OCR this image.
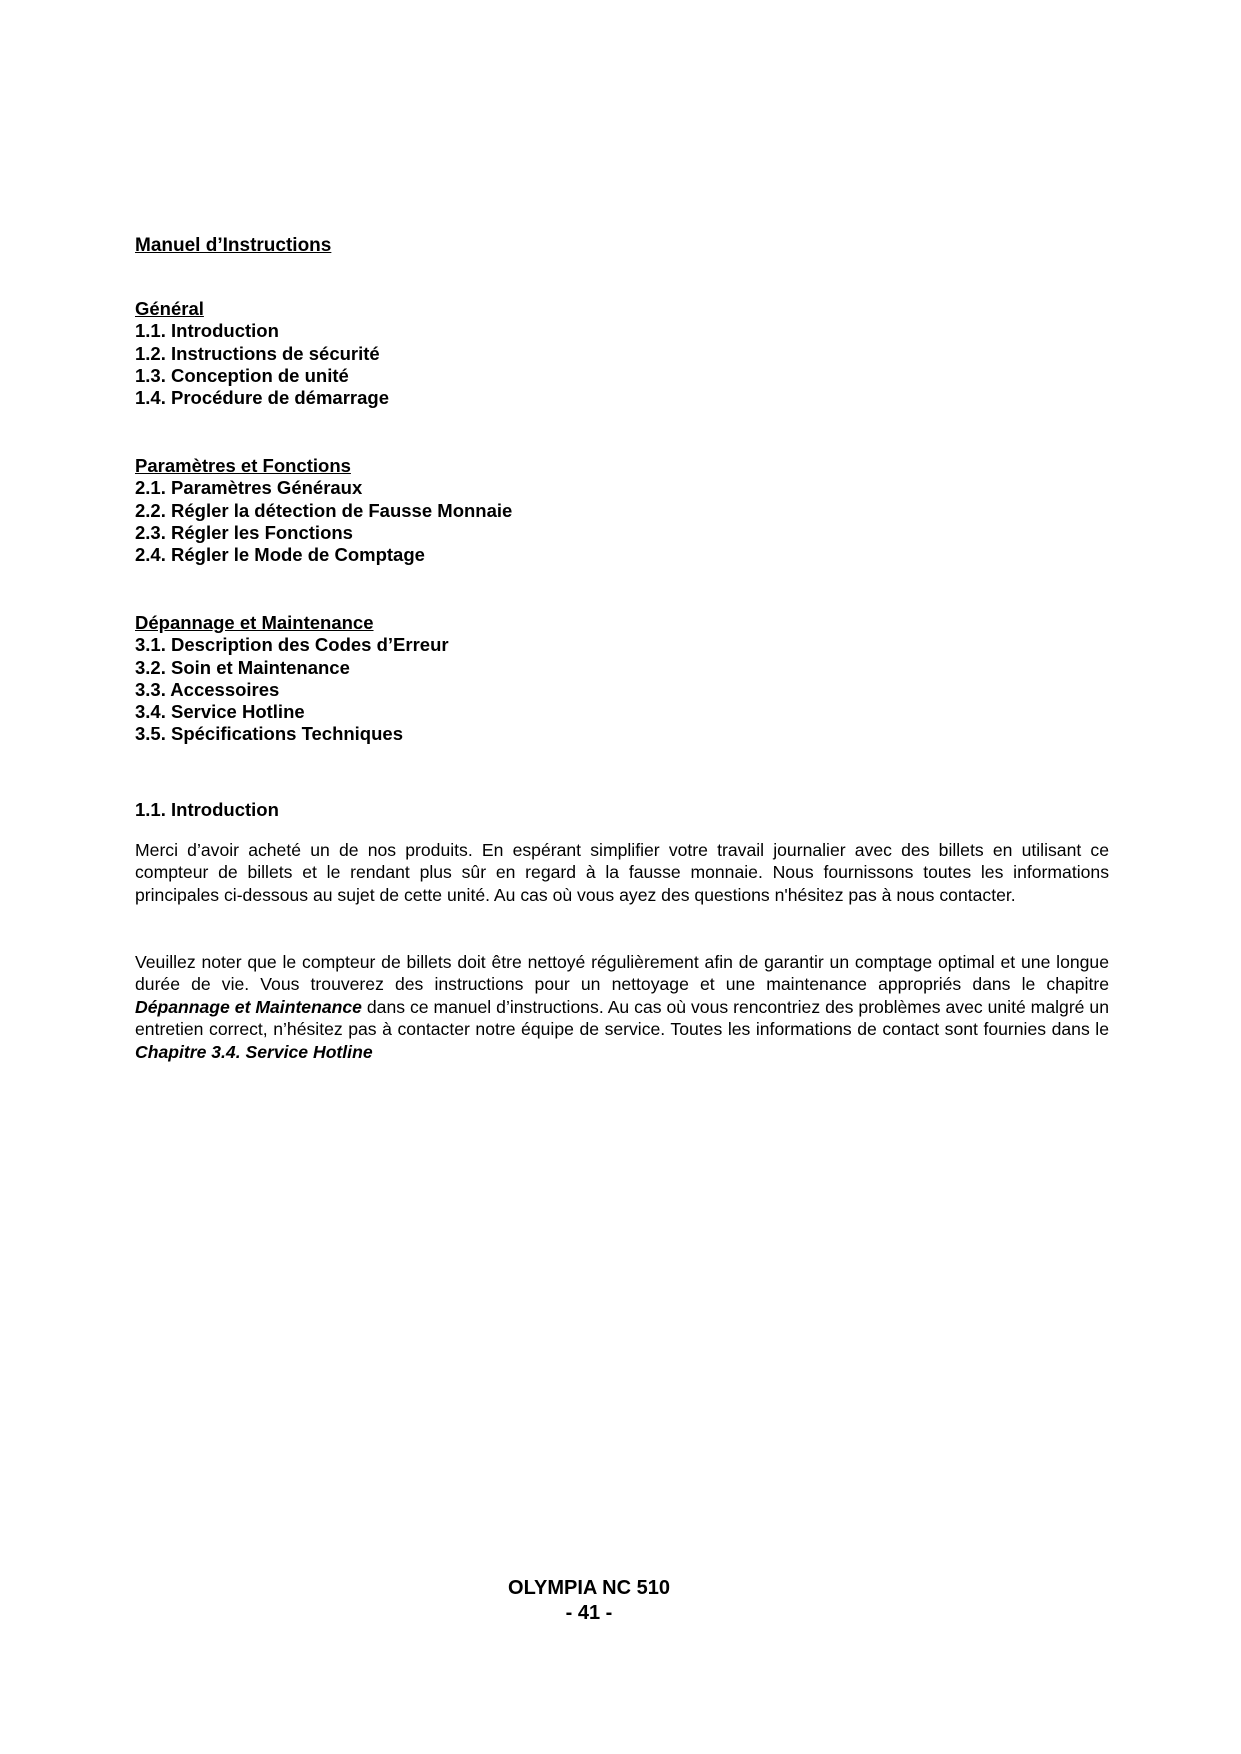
Manuel d’Instructions
Général
1.1. Introduction
1.2. Instructions de sécurité
1.3. Conception de unité
1.4. Procédure de démarrage
Paramètres et Fonctions
2.1. Paramètres Généraux
2.2. Régler la détection de Fausse Monnaie
2.3. Régler les Fonctions
2.4. Régler le Mode de Comptage
Dépannage et Maintenance
3.1. Description des Codes d’Erreur
3.2. Soin et Maintenance
3.3. Accessoires
3.4. Service Hotline
3.5. Spécifications Techniques
1.1. Introduction

Merci d’avoir acheté un de nos produits. En espérant simplifier votre travail journalier avec des billets en utilisant ce compteur de billets et le rendant plus sûr en regard à la fausse monnaie. Nous fournissons toutes les informations principales ci-dessous au sujet de cette unité. Au cas où vous ayez des questions n'hésitez pas à nous contacter.

Veuillez noter que le compteur de billets doit être nettoyé régulièrement afin de garantir un comptage optimal et une longue durée de vie. Vous trouverez des instructions pour un nettoyage et une maintenance appropriés dans le chapitre Dépannage et Maintenance dans ce manuel d’instructions. Au cas où vous rencontriez des problèmes avec unité malgré un entretien correct, n’hésitez pas à contacter notre équipe de service. Toutes les informations de contact sont fournies dans le Chapitre 3.4. Service Hotline

OLYMPIA NC 510
- 41 -
